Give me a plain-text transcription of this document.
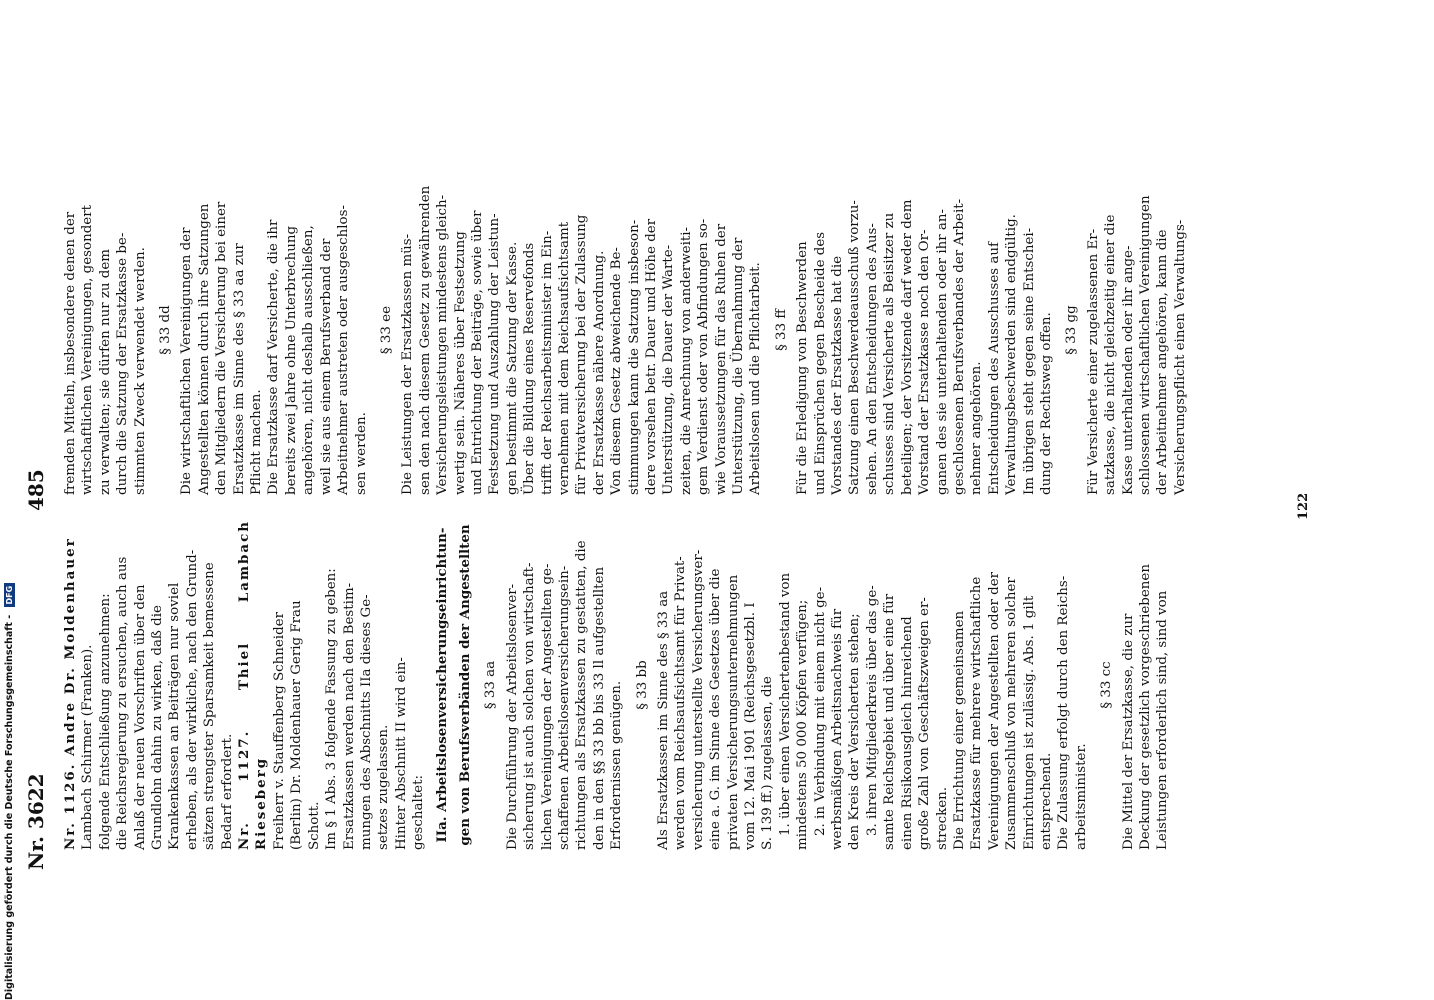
Nr. 3622
485

Nr. 1126. Andre Dr. Moldenhauer Lambach Schirmer (Franken). folgende Entschließung anzunehmen: die Reichsregierung zu ersuchen, auch aus Anlaß der neuen Vorschriften über den Grundlohn dahin zu wirken, daß die Krankenkassen an Beiträgen nur soviel erheben, als der wirkliche, nach den Grund- sätzen strengster Sparsamkeit bemessene Bedarf erfordert. Nr. 1127. Thiel Lambach Rieseberg Freiherr v. Stauffenberg Schneider (Berlin) Dr. Moldenhauer Gerig Frau Schott. Im § 1 Abs. 3 folgende Fassung zu geben: Ersatzkassen werden nach den Bestim- mungen des Abschnitts IIa dieses Ge- setzes zugelassen. Hinter Abschnitt II wird ein- geschaltet: IIa. Arbeitslosenversicherungseinrichtun- gen von Berufsverbänden der Angestellten § 33 aa Die Durchführung der Arbeitslosenver- sicherung ist auch solchen von wirtschaft- lichen Vereinigungen der Angestellten ge- schaffenen Arbeitslosenversicherungsein- richtungen als Ersatzkassen zu gestatten, die den in den §§ 33 bb bis 33 ll aufgestellten Erfordernissen genügen. § 33 bb Als Ersatzkassen im Sinne des § 33 aa werden vom Reichsaufsichtsamt für Privat- versicherung unterstellte Versicherungsver- eine a. G. im Sinne des Gesetzes über die privaten Versicherungsunternehmungen vom 12. Mai 1901 (Reichsgesetzbl. I S. 139 ff.) zugelassen, die 1. über einen Versichertenbestand von mindestens 50 000 Köpfen verfügen; 2. in Verbindung mit einem nicht ge- werbsmäßigen Arbeitsnachweis für den Kreis der Versicherten stehen; 3. ihren Mitgliederkreis über das ge- samte Reichsgebiet und über eine für einen Risikoausgleich hinreichend große Zahl von Geschäftszweigen er- strecken. Die Errichtung einer gemeinsamen Ersatzkasse für mehrere wirtschaftliche Vereinigungen der Angestellten oder der Zusammenschluß von mehreren solcher Einrichtungen ist zulässig. Abs. 1 gilt entsprechend. Die Zulassung erfolgt durch den Reichs- arbeitsminister.

§ 33 cc Die Mittel der Ersatzkasse, die zur Deckung der gesetzlich vorgeschriebenen Leistungen erforderlich sind, sind von

fremden Mitteln, insbesondere denen der wirtschaftlichen Vereinigungen, gesondert zu verwalten; sie dürfen nur zu dem durch die Satzung der Ersatzkasse be- stimmten Zweck verwendet werden. § 33 dd Die wirtschaftlichen Vereinigungen der Angestellten können durch ihre Satzungen den Mitgliedern die Versicherung bei einer Ersatzkasse im Sinne des § 33 aa zur Pflicht machen. Die Ersatzkasse darf Versicherte, die ihr bereits zwei Jahre ohne Unterbrechung angehören, nicht deshalb ausschließen, weil sie aus einem Berufsverband der Arbeitnehmer austreten oder ausgeschlos- sen werden.

§ 33 ee Die Leistungen der Ersatzkassen müs- sen den nach diesem Gesetz zu gewährenden Versicherungsleistungen mindestens gleich- wertig sein. Näheres über Festsetzung und Entrichtung der Beiträge, sowie über Festsetzung und Auszahlung der Leistun- gen bestimmt die Satzung der Kasse. Über die Bildung eines Reservefonds trifft der Reichsarbeitsminister im Ein- vernehmen mit dem Reichsaufsichtsamt für Privatversicherung bei der Zulassung der Ersatzkasse nähere Anordnung. Von diesem Gesetz abweichende Be- stimmungen kann die Satzung insbeson- dere vorsehen betr. Dauer und Höhe der Unterstützung, die Dauer der Warte- zeiten, die Anrechnung von anderweiti- gem Verdienst oder von Abfindungen so- wie Voraussetzungen für das Ruhen der Unterstützung, die Übernahmung der Arbeitslosen und die Pflichtarbeit. § 33 ff Für die Erledigung von Beschwerden und Einsprüchen gegen Bescheide des Vorstandes der Ersatzkasse hat die Satzung einen Beschwerdeausschuß vorzu- sehen. An den Entscheidungen des Aus- schusses sind Versicherte als Beisitzer zu beteiligen; der Vorsitzende darf weder dem Vorstand der Ersatzkasse noch den Or- ganen des sie unterhaltenden oder ihr an- geschlossenen Berufsverbandes der Arbeit- nehmer angehören. Entscheidungen des Ausschusses auf Verwaltungsbeschwerden sind endgültig. Im übrigen steht gegen seine Entschei- dung der Rechtsweg offen. § 33 gg Für Versicherte einer zugelassenen Er- satzkasse, die nicht gleichzeitig einer die Kasse unterhaltenden oder ihr ange- schlossenen wirtschaftlichen Vereinigungen der Arbeitnehmer angehören, kann die Versicherungspflicht einen Verwaltungs-

122
Digitalisierung gefördert durch die Deutsche Forschungsgemeinschaft - DFG
